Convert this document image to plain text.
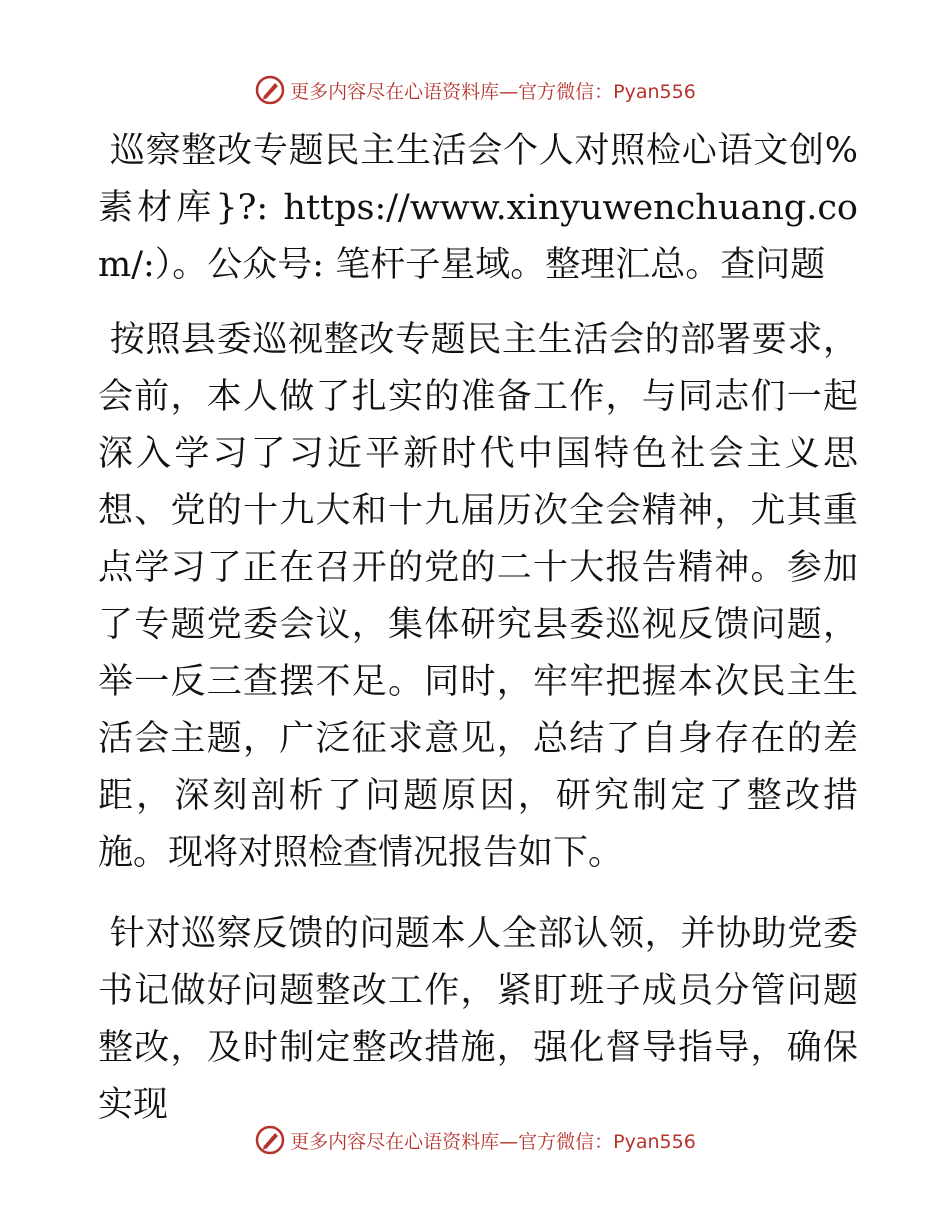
更多内容尽在心语资料库—官方微信：Pyan556

巡察整改专题民主生活会个人对照检心语文创%素材库}?: https://www.xinyuwenchuang.com/:）。公众号: 笔杆子星域。整理汇总。查问题

按照县委巡视整改专题民主生活会的部署要求，会前，本人做了扎实的准备工作，与同志们一起深入学习了习近平新时代中国特色社会主义思想、党的十九大和十九届历次全会精神，尤其重点学习了正在召开的党的二十大报告精神。参加了专题党委会议，集体研究县委巡视反馈问题，举一反三查摆不足。同时，牢牢把握本次民主生活会主题，广泛征求意见，总结了自身存在的差距，深刻剖析了问题原因，研究制定了整改措施。现将对照检查情况报告如下。

针对巡察反馈的问题本人全部认领，并协助党委书记做好问题整改工作，紧盯班子成员分管问题整改，及时制定整改措施，强化督导指导，确保实现

更多内容尽在心语资料库—官方微信：Pyan556
